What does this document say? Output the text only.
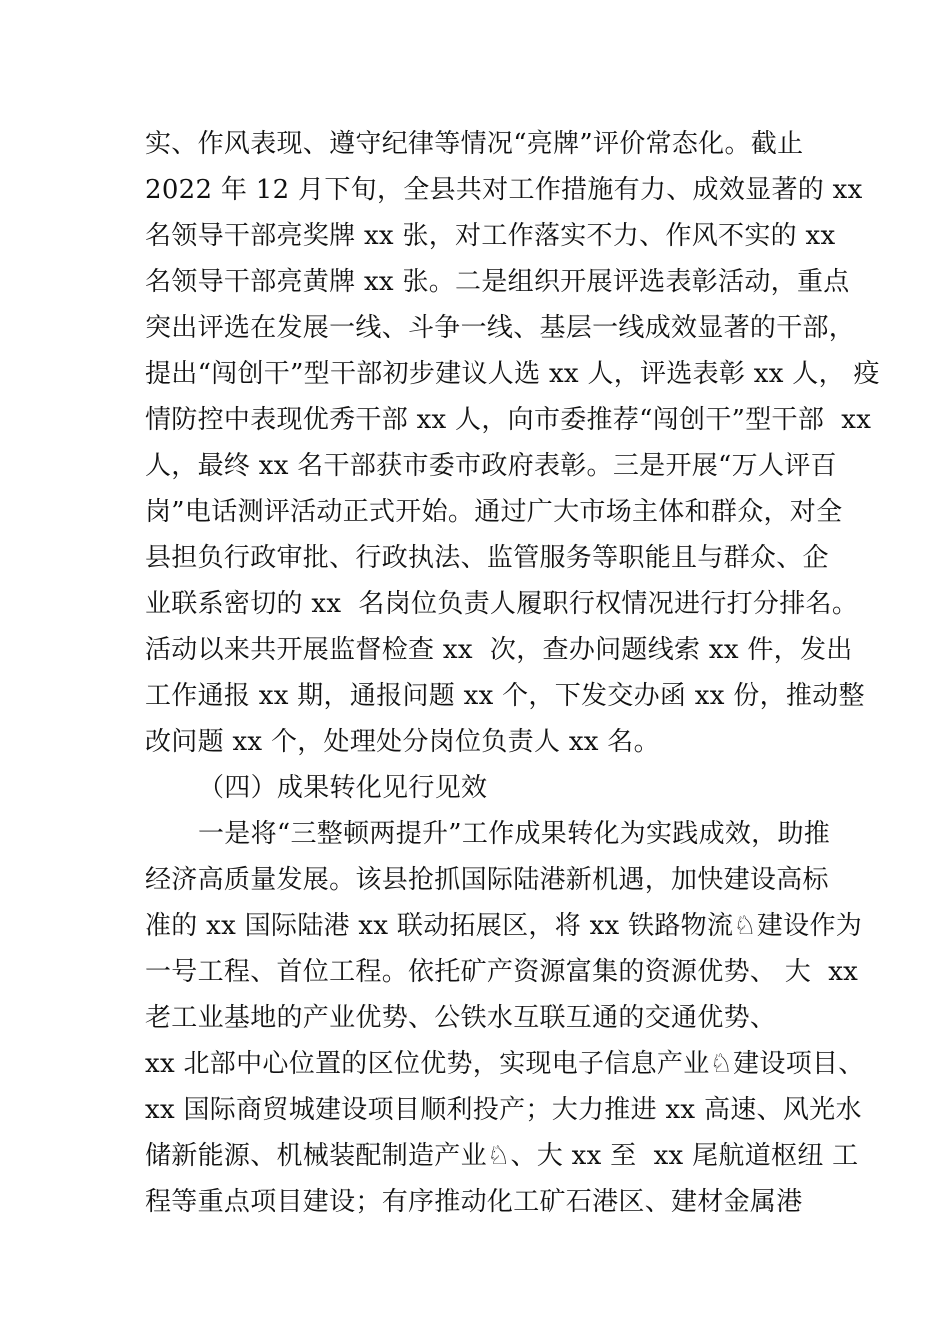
实、作风表现、遵守纪律等情况“亮牌”评价常态化。截止
2022 年 12 月下旬，全县共对工作措施有力、成效显著的 xx
名领导干部亮奖牌 xx 张，对工作落实不力、作风不实的 xx
名领导干部亮黄牌 xx 张。二是组织开展评选表彰活动，重点
突出评选在发展一线、斗争一线、基层一线成效显著的干部，
提出“闯创干”型干部初步建议人选 xx 人，评选表彰 xx 人， 疫
情防控中表现优秀干部 xx 人，向市委推荐“闯创干”型干部  xx
人，最终 xx 名干部获市委市政府表彰。三是开展“万人评百
岗”电话测评活动正式开始。通过广大市场主体和群众，对全
县担负行政审批、行政执法、监管服务等职能且与群众、企
业联系密切的 xx  名岗位负责人履职行权情况进行打分排名。
活动以来共开展监督检查 xx  次，查办问题线索 xx 件，发出
工作通报 xx 期，通报问题 xx 个，下发交办函 xx 份，推动整
改问题 xx 个，处理处分岗位负责人 xx 名。
（四）成果转化见行见效
一是将“三整顿两提升”工作成果转化为实践成效，助推
经济高质量发展。该县抢抓国际陆港新机遇，加快建设高标
准的 xx 国际陆港 xx 联动拓展区，将 xx 铁路物流♘建设作为
一号工程、首位工程。依托矿产资源富集的资源优势、 大  xx
老工业基地的产业优势、公铁水互联互通的交通优势、
xx 北部中心位置的区位优势，实现电子信息产业♘建设项目、
xx 国际商贸城建设项目顺利投产；大力推进 xx 高速、风光水
储新能源、机械装配制造产业♘、大 xx 至  xx 尾航道枢纽 工
程等重点项目建设；有序推动化工矿石港区、建材金属港
